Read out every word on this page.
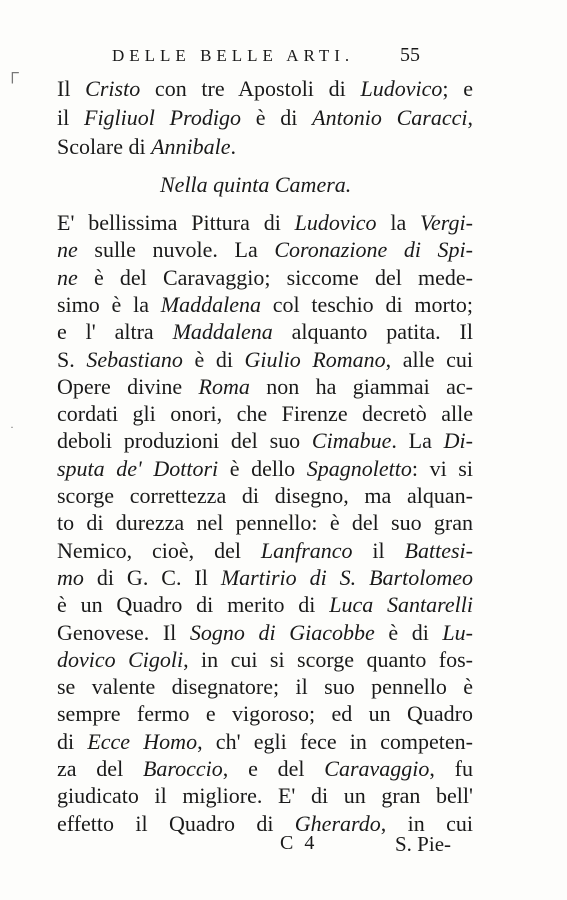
DELLE BELLE ARTI. 55
Il Cristo con tre Apostoli di Ludovico; e
il Figliuol Prodigo è di Antonio Caracci,
Scolare di Annibale.
Nella quinta Camera.
E' bellissima Pittura di Ludovico la Vergi-
ne sulle nuvole. La Coronazione di Spi-
ne è del Caravaggio; siccome del mede-
simo è la Maddalena col teschio di morto;
e l' altra Maddalena alquanto patita. Il
S. Sebastiano è di Giulio Romano, alle cui
Opere divine Roma non ha giammai ac-
cordati gli onori, che Firenze decretò alle
deboli produzioni del suo Cimabue. La Di-
sputa de' Dottori è dello Spagnoletto: vi si
scorge correttezza di disegno, ma alquan-
to di durezza nel pennello: è del suo gran
Nemico, cioè, del Lanfranco il Battesi-
mo di G. C. Il Martirio di S. Bartolomeo
è un Quadro di merito di Luca Santarelli
Genovese. Il Sogno di Giacobbe è di Lu-
dovico Cigoli, in cui si scorge quanto fos-
se valente disegnatore; il suo pennello è
sempre fermo e vigoroso; ed un Quadro
di Ecce Homo, ch' egli fece in competen-
za del Baroccio, e del Caravaggio, fu
giudicato il migliore. E' di un gran bell'
effetto il Quadro di Gherardo, in cui
C 4	S. Pie-
┌
·
